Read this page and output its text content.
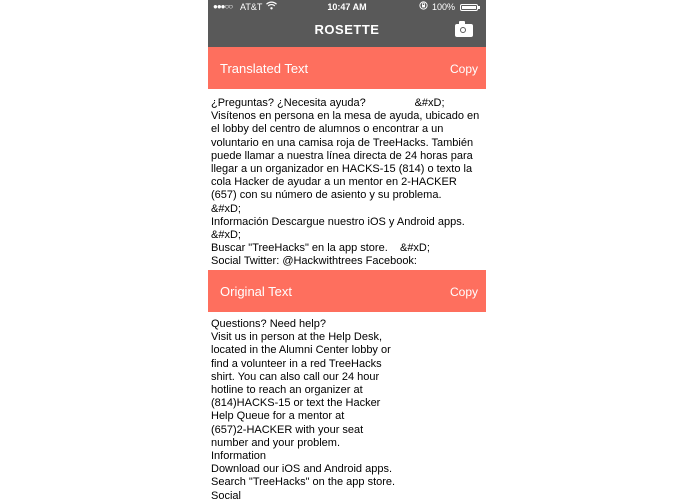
●●●○○ AT&T	10:47 AM	100%
ROSETTE
Translated Text	Copy
¿Preguntas? ¿Necesita ayuda?                &#xD;
Visítenos en persona en la mesa de ayuda, ubicado en el lobby del centro de alumnos o encontrar a un voluntario en una camisa roja de TreeHacks. También puede llamar a nuestra línea directa de 24 horas para llegar a un organizador en HACKS-15 (814) o texto la cola Hacker de ayudar a un mentor en 2-HACKER (657) con su número de asiento y su problema.
&#xD;
Información Descargue nuestro iOS y Android apps.
&#xD;
Buscar "TreeHacks" en la app store.    &#xD;
Social Twitter: @Hackwithtrees Facebook:
Original Text	Copy
Questions? Need help?
Visit us in person at the Help Desk,
located in the Alumni Center lobby or
find a volunteer in a red TreeHacks
shirt. You can also call our 24 hour
hotline to reach an organizer at
(814)HACKS-15 or text the Hacker
Help Queue for a mentor at
(657)2-HACKER with your seat
number and your problem.
Information
Download our iOS and Android apps.
Search "TreeHacks" on the app store.
Social
